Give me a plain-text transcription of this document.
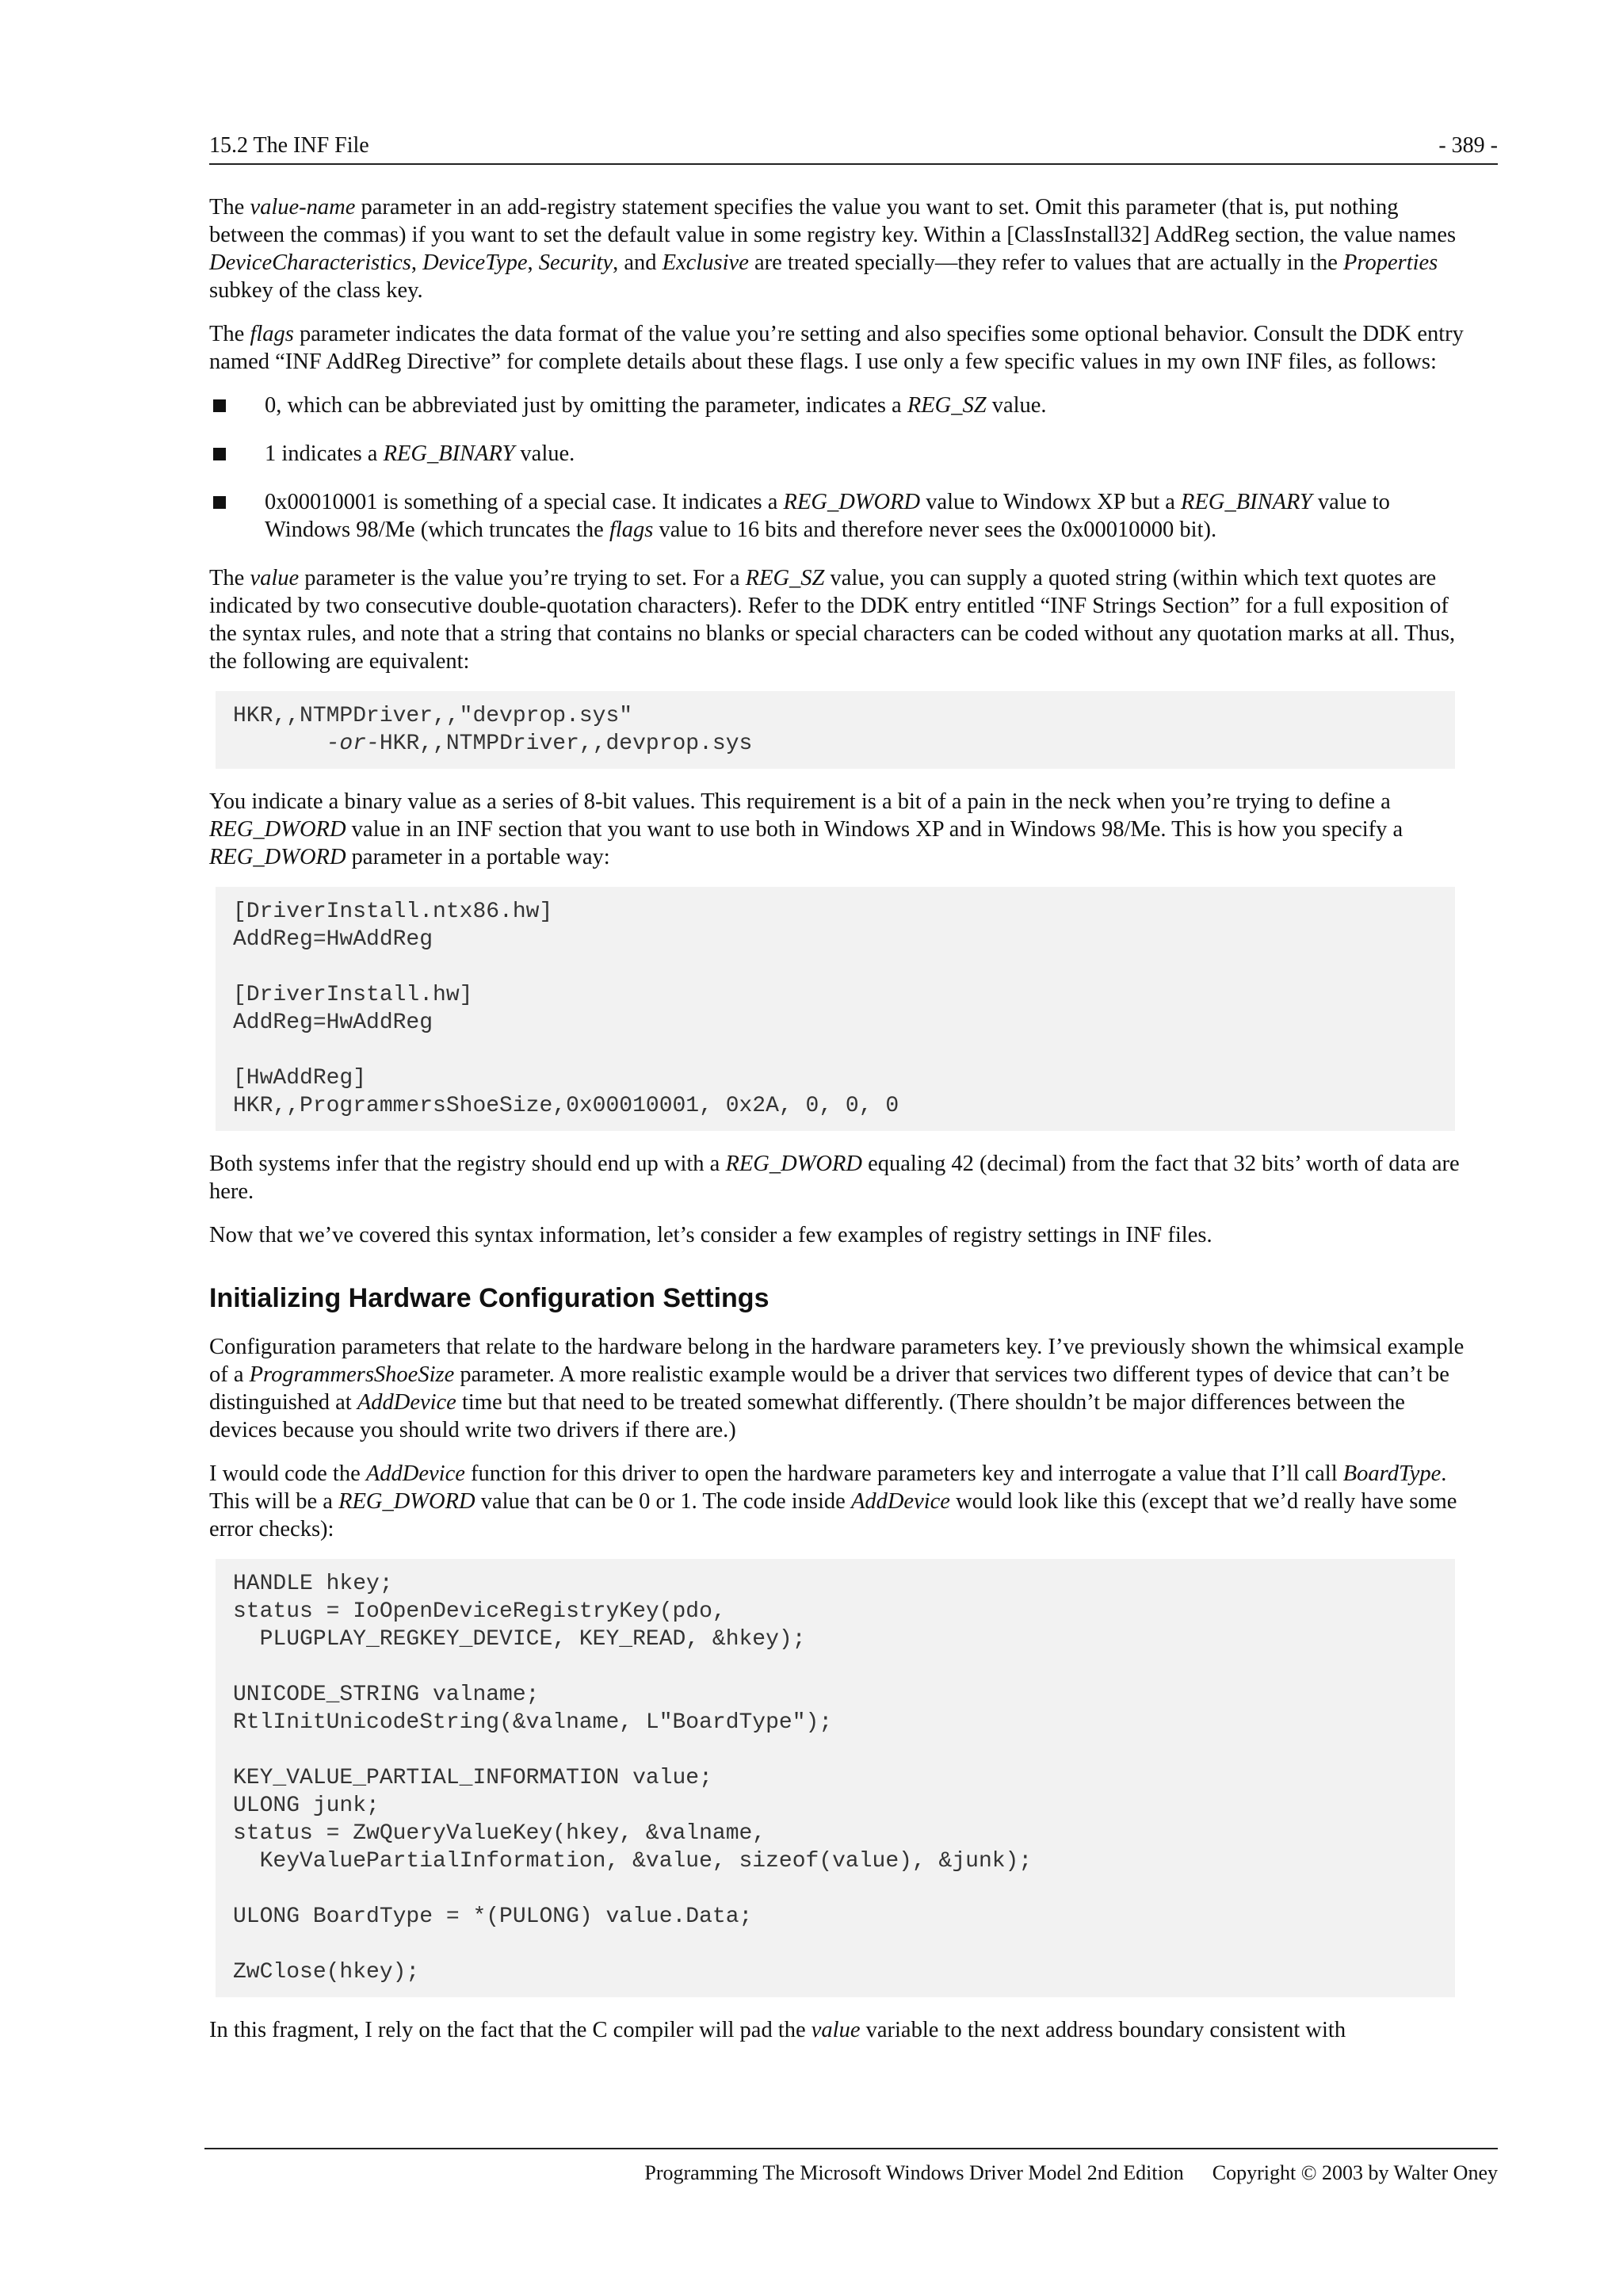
15.2 The INF File	- 389 -

The value-name parameter in an add-registry statement specifies the value you want to set. Omit this parameter (that is, put nothing between the commas) if you want to set the default value in some registry key. Within a [ClassInstall32] AddReg section, the value names DeviceCharacteristics, DeviceType, Security, and Exclusive are treated specially—they refer to values that are actually in the Properties subkey of the class key.

The flags parameter indicates the data format of the value you’re setting and also specifies some optional behavior. Consult the DDK entry named “INF AddReg Directive” for complete details about these flags. I use only a few specific values in my own INF files, as follows:

0, which can be abbreviated just by omitting the parameter, indicates a REG_SZ value.
1 indicates a REG_BINARY value.
0x00010001 is something of a special case. It indicates a REG_DWORD value to Windowx XP but a REG_BINARY value to Windows 98/Me (which truncates the flags value to 16 bits and therefore never sees the 0x00010000 bit).

The value parameter is the value you’re trying to set. For a REG_SZ value, you can supply a quoted string (within which text quotes are indicated by two consecutive double-quotation characters). Refer to the DDK entry entitled “INF Strings Section” for a full exposition of the syntax rules, and note that a string that contains no blanks or special characters can be coded without any quotation marks at all. Thus, the following are equivalent:

HKR,,NTMPDriver,,"devprop.sys"
-or-HKR,,NTMPDriver,,devprop.sys

You indicate a binary value as a series of 8-bit values. This requirement is a bit of a pain in the neck when you’re trying to define a REG_DWORD value in an INF section that you want to use both in Windows XP and in Windows 98/Me. This is how you specify a REG_DWORD parameter in a portable way:

[DriverInstall.ntx86.hw]
AddReg=HwAddReg
[DriverInstall.hw]
AddReg=HwAddReg
[HwAddReg]
HKR,,ProgrammersShoeSize,0x00010001, 0x2A, 0, 0, 0

Both systems infer that the registry should end up with a REG_DWORD equaling 42 (decimal) from the fact that 32 bits’ worth of data are here.

Now that we’ve covered this syntax information, let’s consider a few examples of registry settings in INF files.

Initializing Hardware Configuration Settings

Configuration parameters that relate to the hardware belong in the hardware parameters key. I’ve previously shown the whimsical example of a ProgrammersShoeSize parameter. A more realistic example would be a driver that services two different types of device that can’t be distinguished at AddDevice time but that need to be treated somewhat differently. (There shouldn’t be major differences between the devices because you should write two drivers if there are.)

I would code the AddDevice function for this driver to open the hardware parameters key and interrogate a value that I’ll call BoardType. This will be a REG_DWORD value that can be 0 or 1. The code inside AddDevice would look like this (except that we’d really have some error checks):

HANDLE hkey;
status = IoOpenDeviceRegistryKey(pdo,
PLUGPLAY_REGKEY_DEVICE, KEY_READ, &hkey);
UNICODE_STRING valname;
RtlInitUnicodeString(&valname, L"BoardType");
KEY_VALUE_PARTIAL_INFORMATION value;
ULONG junk;
status = ZwQueryValueKey(hkey, &valname,
KeyValuePartialInformation, &value, sizeof(value), &junk);
ULONG BoardType = *(PULONG) value.Data;
ZwClose(hkey);

In this fragment, I rely on the fact that the C compiler will pad the value variable to the next address boundary consistent with

Programming The Microsoft Windows Driver Model 2nd Edition Copyright © 2003 by Walter Oney
